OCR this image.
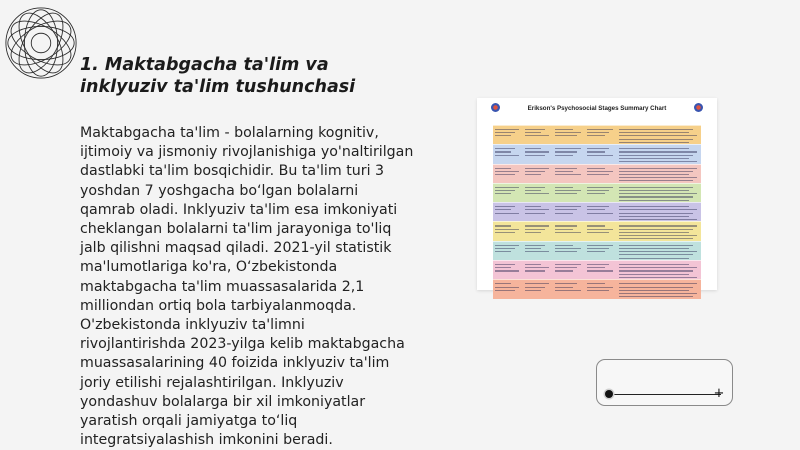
1. Maktabgacha ta'lim va inklyuziv ta'lim tushunchasi
Maktabgacha ta'lim - bolalarning kognitiv, ijtimoiy va jismoniy rivojlanishiga yo'naltirilgan dastlabki ta'lim bosqichidir. Bu ta'lim turi 3 yoshdan 7 yoshgacha bo‘lgan bolalarni qamrab oladi. Inklyuziv ta'lim esa imkoniyati cheklangan bolalarni ta'lim jarayoniga to'liq jalb qilishni maqsad qiladi. 2021-yil statistik ma'lumotlariga ko'ra, O‘zbekistonda maktabgacha ta'lim muassasalarida 2,1 milliondan ortiq bola tarbiyalanmoqda. O'zbekistonda inklyuziv ta'limni rivojlantirishda 2023-yilga kelib maktabgacha muassasalarining 40 foizida inklyuziv ta'lim joriy etilishi rejalashtirilgan. Inklyuziv yondashuv bolalarga bir xil imkoniyatlar yaratish orqali jamiyatga to‘liq integratsiyalashish imkonini beradi.
Erikson's Psychosocial Stages Summary Chart
+
